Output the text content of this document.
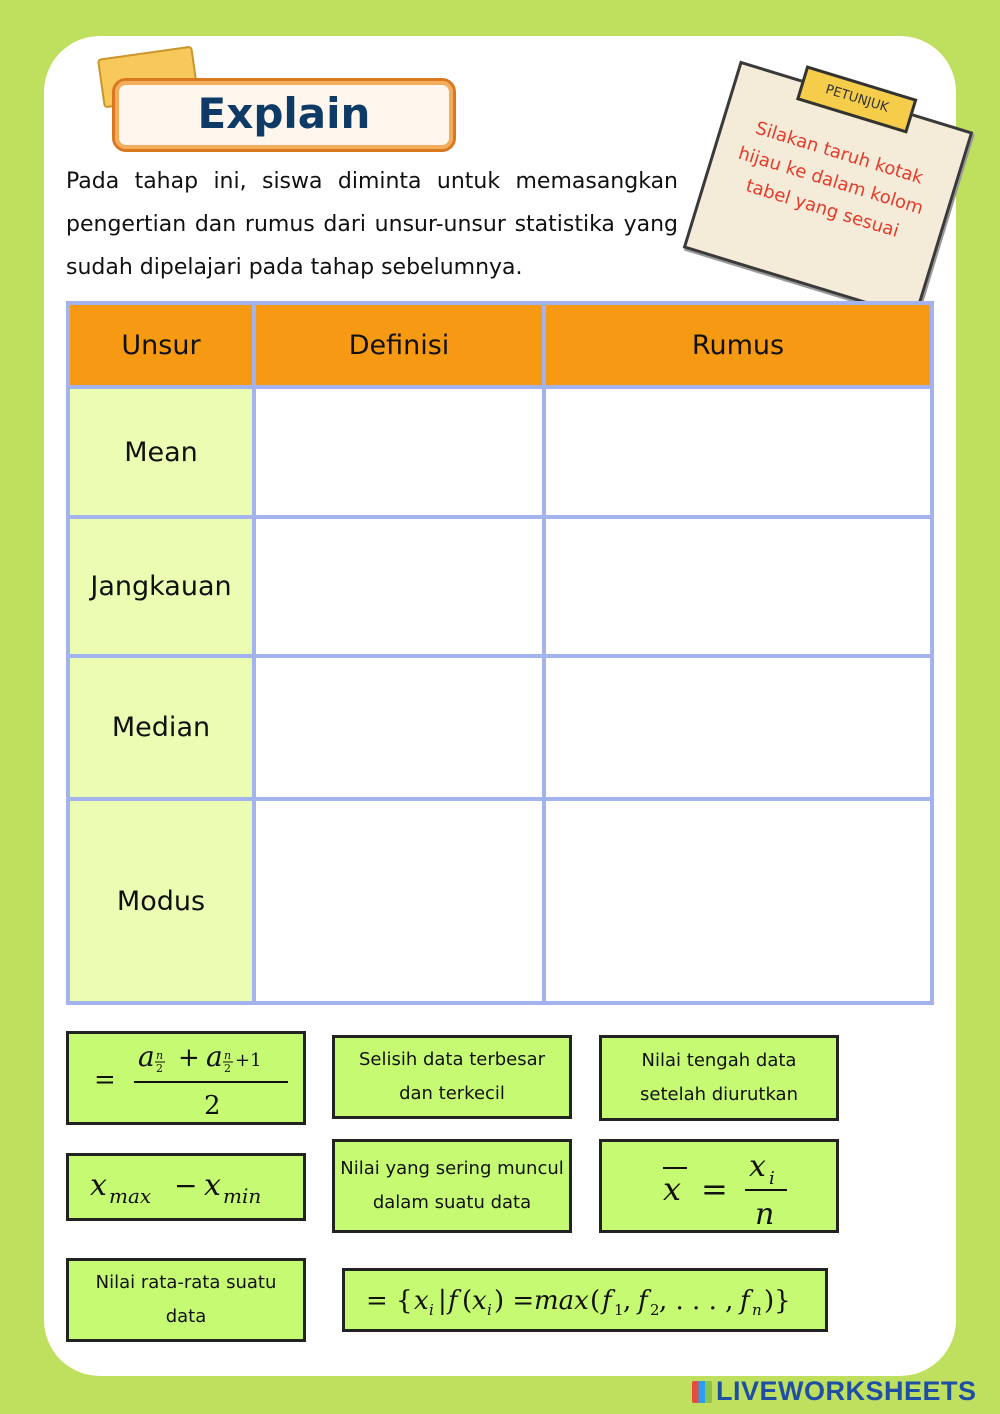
Explain
Pada tahap ini, siswa diminta untuk memasangkan pengertian dan rumus dari unsur-unsur statistika yang sudah dipelajari pada tahap sebelumnya.
PETUNJUK
Silakan taruh kotak hijau ke dalam kolom tabel yang sesuai
Unsur	Definisi	Rumus
Mean		
Jangkauan		
Median		
Modus		
=
a n
2 + a n
2 +1
2
Selisih data terbesar dan terkecil
Nilai tengah data setelah diurutkan
x max − x min
Nilai yang sering muncul dalam suatu data	x =
x i
n
Nilai rata-rata suatu data
= { x i | f ( x i ) = max ( f 1 , f 2 , . . . , f n )}
LIVEWORKSHEETS
